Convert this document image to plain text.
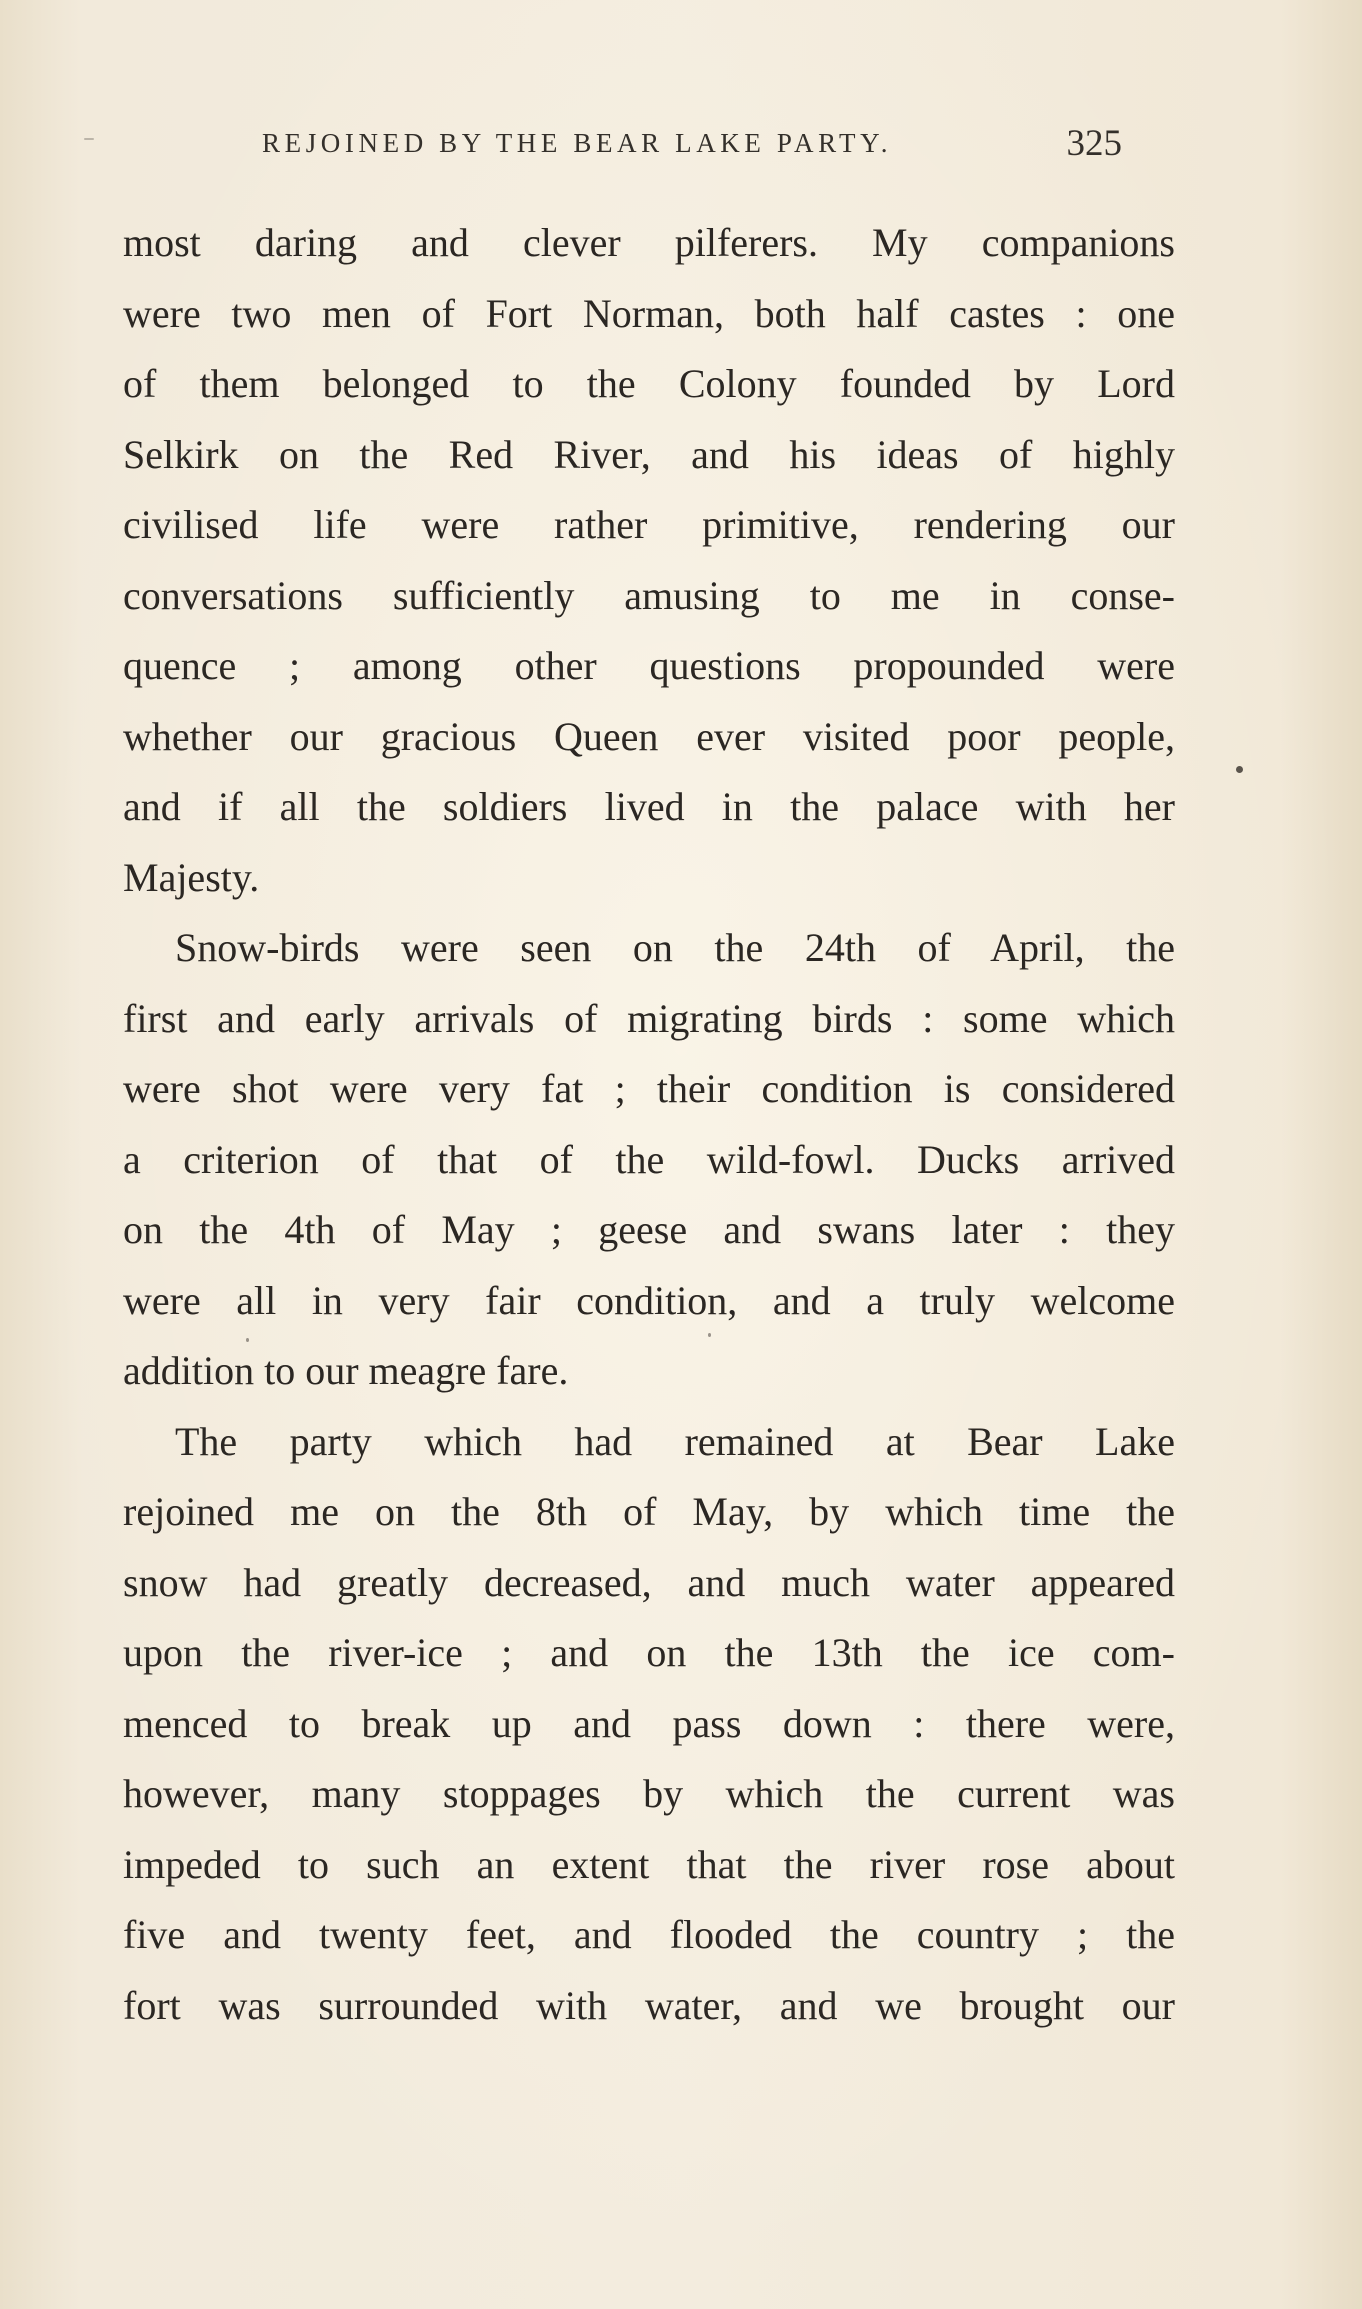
REJOINED BY THE BEAR LAKE PARTY.	325
most daring and clever pilferers. My companions
were two men of Fort Norman, both half castes : one
of them belonged to the Colony founded by Lord
Selkirk on the Red River, and his ideas of highly
civilised life were rather primitive, rendering our
conversations sufficiently amusing to me in conse-
quence ; among other questions propounded were
whether our gracious Queen ever visited poor people,
and if all the soldiers lived in the palace with her
Majesty.
Snow-birds were seen on the 24th of April, the
first and early arrivals of migrating birds : some which
were shot were very fat ; their condition is considered
a criterion of that of the wild-fowl. Ducks arrived
on the 4th of May ; geese and swans later : they
were all in very fair condition, and a truly welcome
addition to our meagre fare.
The party which had remained at Bear Lake
rejoined me on the 8th of May, by which time the
snow had greatly decreased, and much water appeared
upon the river-ice ; and on the 13th the ice com-
menced to break up and pass down : there were,
however, many stoppages by which the current was
impeded to such an extent that the river rose about
five and twenty feet, and flooded the country ; the
fort was surrounded with water, and we brought our
